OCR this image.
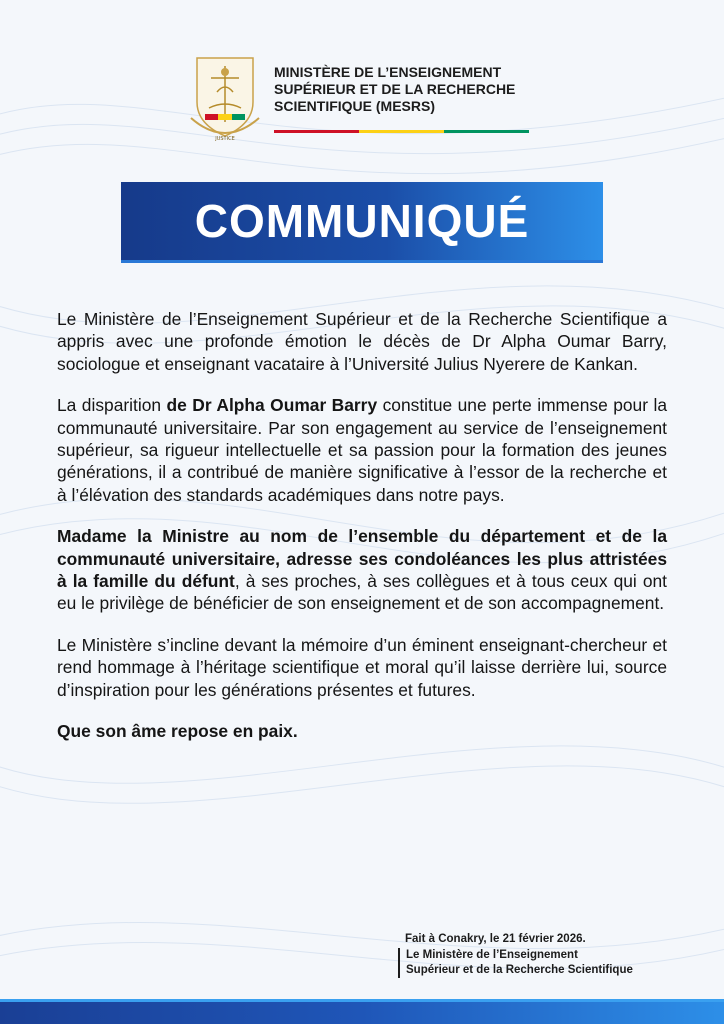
JUSTICE
MINISTÈRE DE L’ENSEIGNEMENT SUPÉRIEUR ET DE LA RECHERCHE SCIENTIFIQUE (MESRS)
COMMUNIQUÉ

Le Ministère de l’Enseignement Supérieur et de la Recherche Scientifique a appris avec une profonde émotion le décès de Dr Alpha Oumar Barry, sociologue et enseignant vacataire à l’Université Julius Nyerere de Kankan.

La disparition de Dr Alpha Oumar Barry constitue une perte immense pour la communauté universitaire. Par son engagement au service de l’enseignement supérieur, sa rigueur intellectuelle et sa passion pour la formation des jeunes générations, il a contribué de manière significative à l’essor de la recherche et à l’élévation des standards académiques dans notre pays.

Madame la Ministre au nom de l’ensemble du département et de la communauté universitaire, adresse ses condoléances les plus attristées à la famille du défunt, à ses proches, à ses collègues et à tous ceux qui ont eu le privilège de bénéficier de son enseignement et de son accompagnement.

Le Ministère s’incline devant la mémoire d’un éminent enseignant-chercheur et rend hommage à l’héritage scientifique et moral qu’il laisse derrière lui, source d’inspiration pour les générations présentes et futures.

Que son âme repose en paix.

Fait à Conakry, le 21 février 2026.
Le Ministère de l’Enseignement
Supérieur et de la Recherche Scientifique
